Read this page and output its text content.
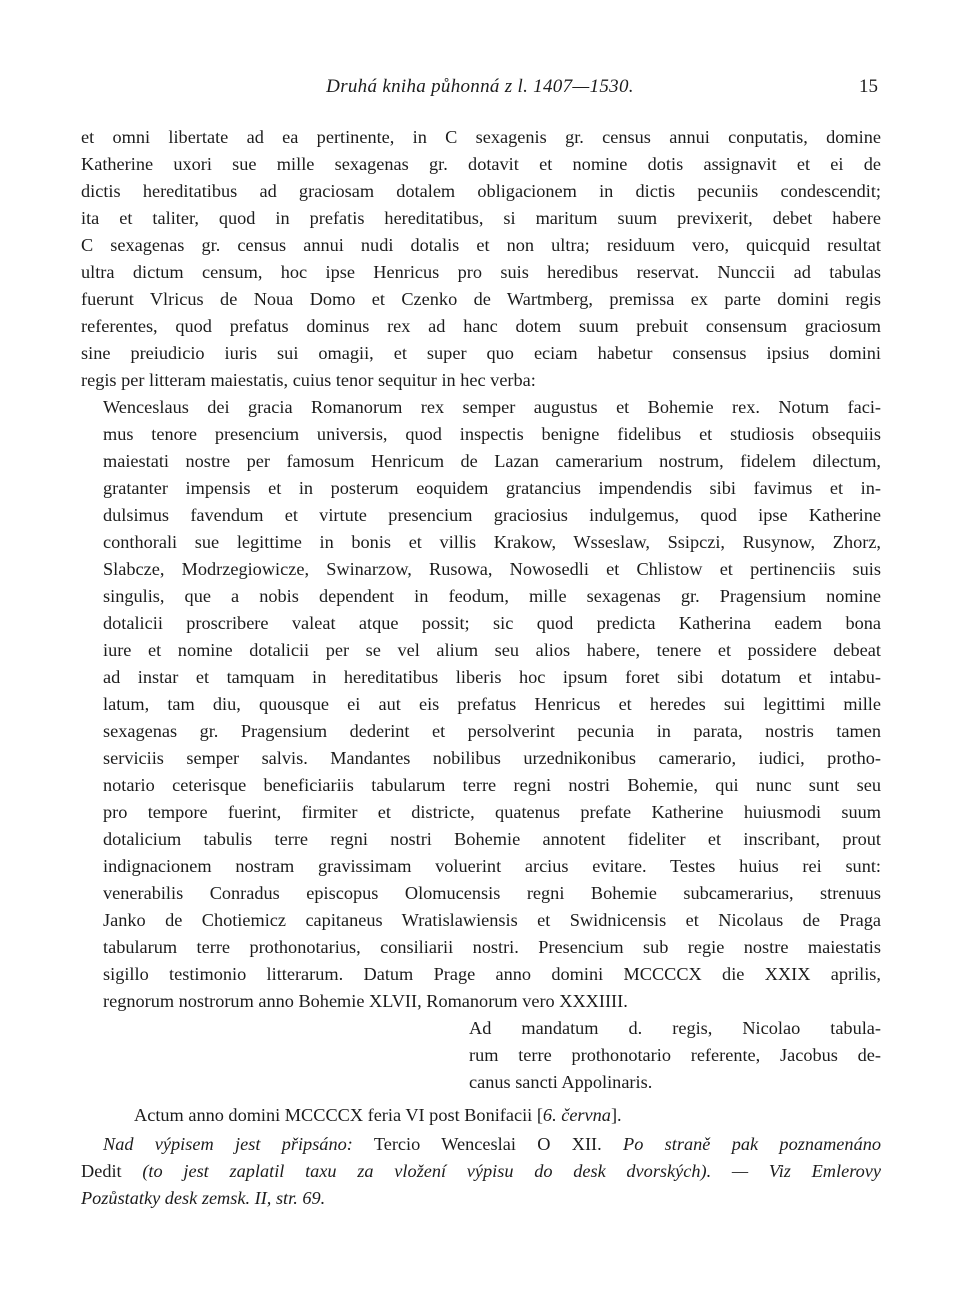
Druhá kniha půhonná z l. 1407—1530.	15
et omni libertate ad ea pertinente, in C sexagenis gr. census annui conputatis, domine
Katherine uxori sue mille sexagenas gr. dotavit et nomine dotis assignavit et ei de
dictis hereditatibus ad graciosam dotalem obligacionem in dictis pecuniis condescendit;
ita et taliter, quod in prefatis hereditatibus, si maritum suum previxerit, debet habere
C sexagenas gr. census annui nudi dotalis et non ultra; residuum vero, quicquid resultat
ultra dictum censum, hoc ipse Henricus pro suis heredibus reservat. Nunccii ad tabulas
fuerunt Vlricus de Noua Domo et Czenko de Wartmberg, premissa ex parte domini regis
referentes, quod prefatus dominus rex ad hanc dotem suum prebuit consensum graciosum
sine preiudicio iuris sui omagii, et super quo eciam habetur consensus ipsius domini
regis per litteram maiestatis, cuius tenor sequitur in hec verba:
Wenceslaus dei gracia Romanorum rex semper augustus et Bohemie rex. Notum faci-
mus tenore presencium universis, quod inspectis benigne fidelibus et studiosis obsequiis
maiestati nostre per famosum Henricum de Lazan camerarium nostrum, fidelem dilectum,
gratanter impensis et in posterum eoquidem gratancius impendendis sibi favimus et in-
dulsimus favendum et virtute presencium graciosius indulgemus, quod ipse Katherine
conthorali sue legittime in bonis et villis Krakow, Wsseslaw, Ssipczi, Rusynow, Zhorz,
Slabcze, Modrzegiowicze, Swinarzow, Rusowa, Nowosedli et Chlistow et pertinenciis suis
singulis, que a nobis dependent in feodum, mille sexagenas gr. Pragensium nomine
dotalicii proscribere valeat atque possit; sic quod predicta Katherina eadem bona
iure et nomine dotalicii per se vel alium seu alios habere, tenere et possidere debeat
ad instar et tamquam in hereditatibus liberis hoc ipsum foret sibi dotatum et intabu-
latum, tam diu, quousque ei aut eis prefatus Henricus et heredes sui legittimi mille
sexagenas gr. Pragensium dederint et persolverint pecunia in parata, nostris tamen
serviciis semper salvis. Mandantes nobilibus urzednikonibus camerario, iudici, protho-
notario ceterisque beneficiariis tabularum terre regni nostri Bohemie, qui nunc sunt seu
pro tempore fuerint, firmiter et districte, quatenus prefate Katherine huiusmodi suum
dotalicium tabulis terre regni nostri Bohemie annotent fideliter et inscribant, prout
indignacionem nostram gravissimam voluerint arcius evitare. Testes huius rei sunt:
venerabilis Conradus episcopus Olomucensis regni Bohemie subcamerarius, strenuus
Janko de Chotiemicz capitaneus Wratislawiensis et Swidnicensis et Nicolaus de Praga
tabularum terre prothonotarius, consiliarii nostri. Presencium sub regie nostre maiestatis
sigillo testimonio litterarum. Datum Prage anno domini MCCCCX die XXIX aprilis,
regnorum nostrorum anno Bohemie XLVII, Romanorum vero XXXIIII.
Ad mandatum d. regis, Nicolao tabula-
rum terre prothonotario referente, Jacobus de-
canus sancti Appolinaris.
Actum anno domini MCCCCX feria VI post Bonifacii [6. června].
Nad výpisem jest připsáno: Tercio Wenceslai O XII. Po straně pak poznamenáno
Dedit (to jest zaplatil taxu za vložení výpisu do desk dvorských). — Viz Emlerovy
Pozůstatky desk zemsk. II, str. 69.
